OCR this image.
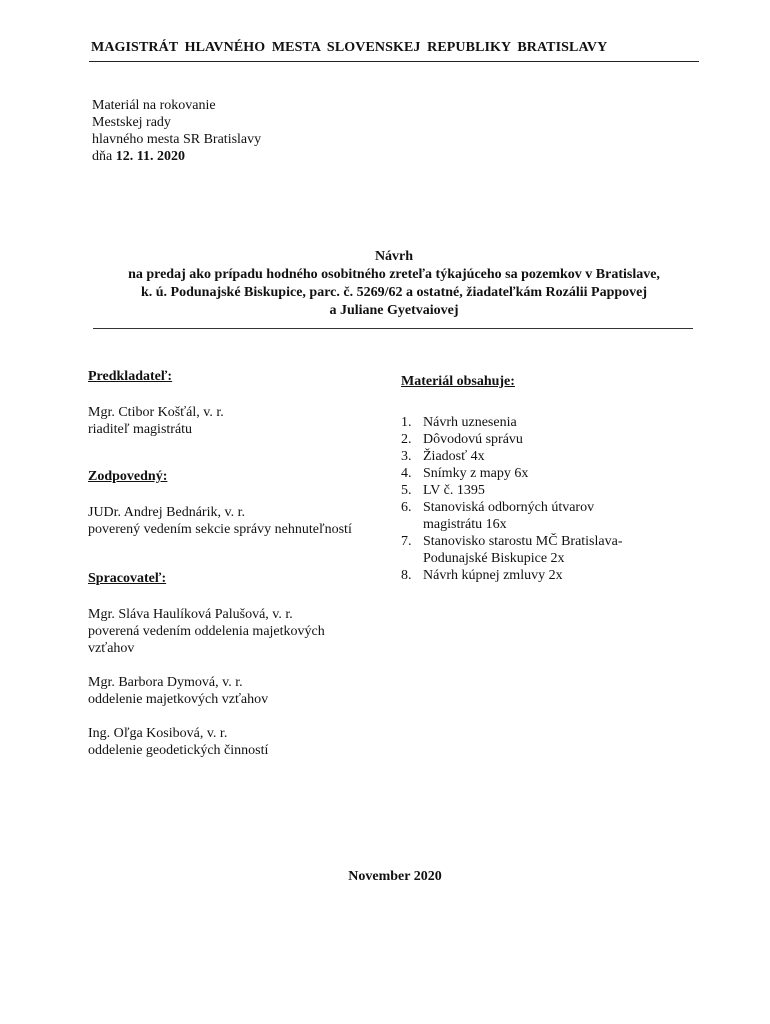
MAGISTRÁT HLAVNÉHO MESTA SLOVENSKEJ REPUBLIKY BRATISLAVY
Materiál na rokovanie
Mestskej rady
hlavného mesta SR Bratislavy
dňa 12. 11. 2020
Návrh
na predaj ako prípadu hodného osobitného zreteľa týkajúceho sa pozemkov v Bratislave,
k. ú. Podunajské Biskupice, parc. č. 5269/62 a ostatné, žiadateľkám Rozálii Pappovej
a Juliane Gyetvaiovej
Predkladateľ:
Mgr. Ctibor Košťál, v. r.
riaditeľ magistrátu
Zodpovedný:
JUDr. Andrej Bednárik, v. r.
poverený vedením sekcie správy nehnuteľností
Spracovateľ:
Mgr. Sláva Haulíková Palušová, v. r.
poverená vedením oddelenia majetkových
vzťahov
Mgr. Barbora Dymová, v. r.
oddelenie majetkových vzťahov
Ing. Oľga Kosibová, v. r.
oddelenie geodetických činností
Materiál obsahuje:
1. Návrh uznesenia
2. Dôvodovú správu
3. Žiadosť 4x
4. Snímky z mapy 6x
5. LV č. 1395
6. Stanoviská odborných útvarov
magistrátu 16x
7. Stanovisko starostu MČ Bratislava-
Podunajské Biskupice 2x
8. Návrh kúpnej zmluvy 2x
November 2020
